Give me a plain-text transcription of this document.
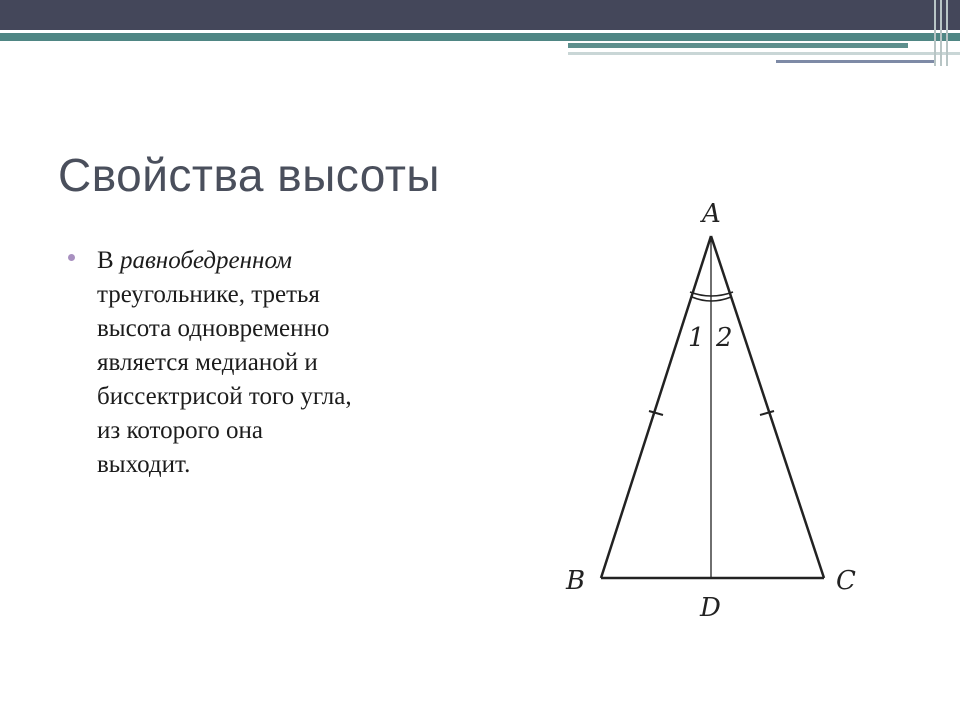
Свойства высоты

В равнобедренном
треугольнике, третья
высота одновременно
является медианой и
биссектрисой того угла,
из которого она
выходит.

A
B	C
D
1 2
